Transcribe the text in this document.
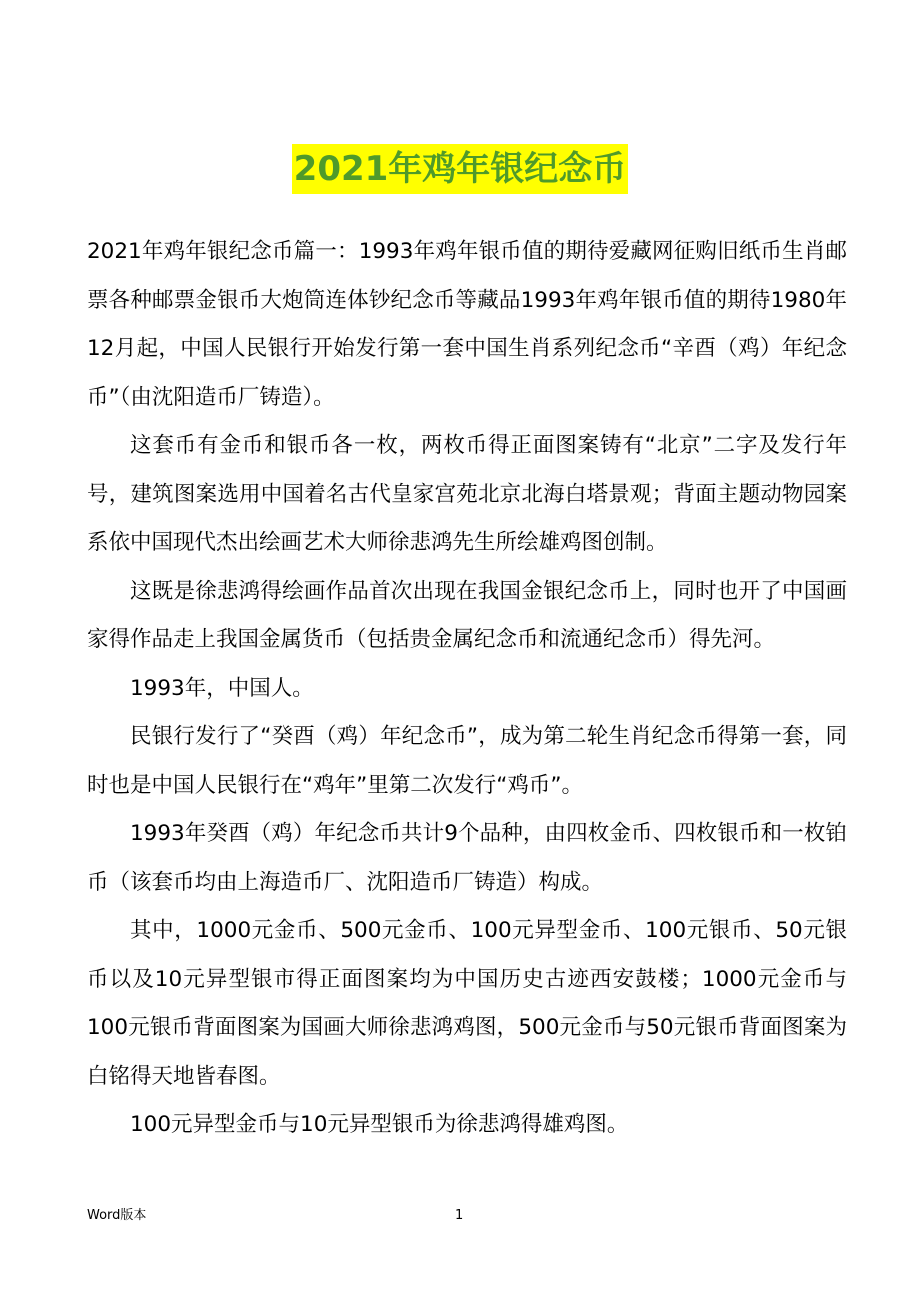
2021年鸡年银纪念币

2021年鸡年银纪念币篇一：1993年鸡年银币值的期待爱藏网征购旧纸币生肖邮票各种邮票金银币大炮筒连体钞纪念币等藏品1993年鸡年银币值的期待1980年12月起，中国人民银行开始发行第一套中国生肖系列纪念币“辛酉（鸡）年纪念币”（由沈阳造币厂铸造）。

这套币有金币和银币各一枚，两枚币得正面图案铸有“北京”二字及发行年号，建筑图案选用中国着名古代皇家宫苑北京北海白塔景观；背面主题动物园案系依中国现代杰出绘画艺术大师徐悲鸿先生所绘雄鸡图创制。

这既是徐悲鸿得绘画作品首次出现在我国金银纪念币上，同时也开了中国画家得作品走上我国金属货币（包括贵金属纪念币和流通纪念币）得先河。

1993年，中国人。

民银行发行了“癸酉（鸡）年纪念币”，成为第二轮生肖纪念币得第一套，同时也是中国人民银行在“鸡年”里第二次发行“鸡币”。

1993年癸酉（鸡）年纪念币共计9个品种，由四枚金币、四枚银币和一枚铂币（该套币均由上海造币厂、沈阳造币厂铸造）构成。

其中，1000元金币、500元金币、100元异型金币、100元银币、50元银币以及10元异型银市得正面图案均为中国历史古迹西安鼓楼；1000元金币与100元银币背面图案为国画大师徐悲鸿鸡图，500元金币与50元银币背面图案为白铭得天地皆春图。

100元异型金币与10元异型银币为徐悲鸿得雄鸡图。

Word版本	1
